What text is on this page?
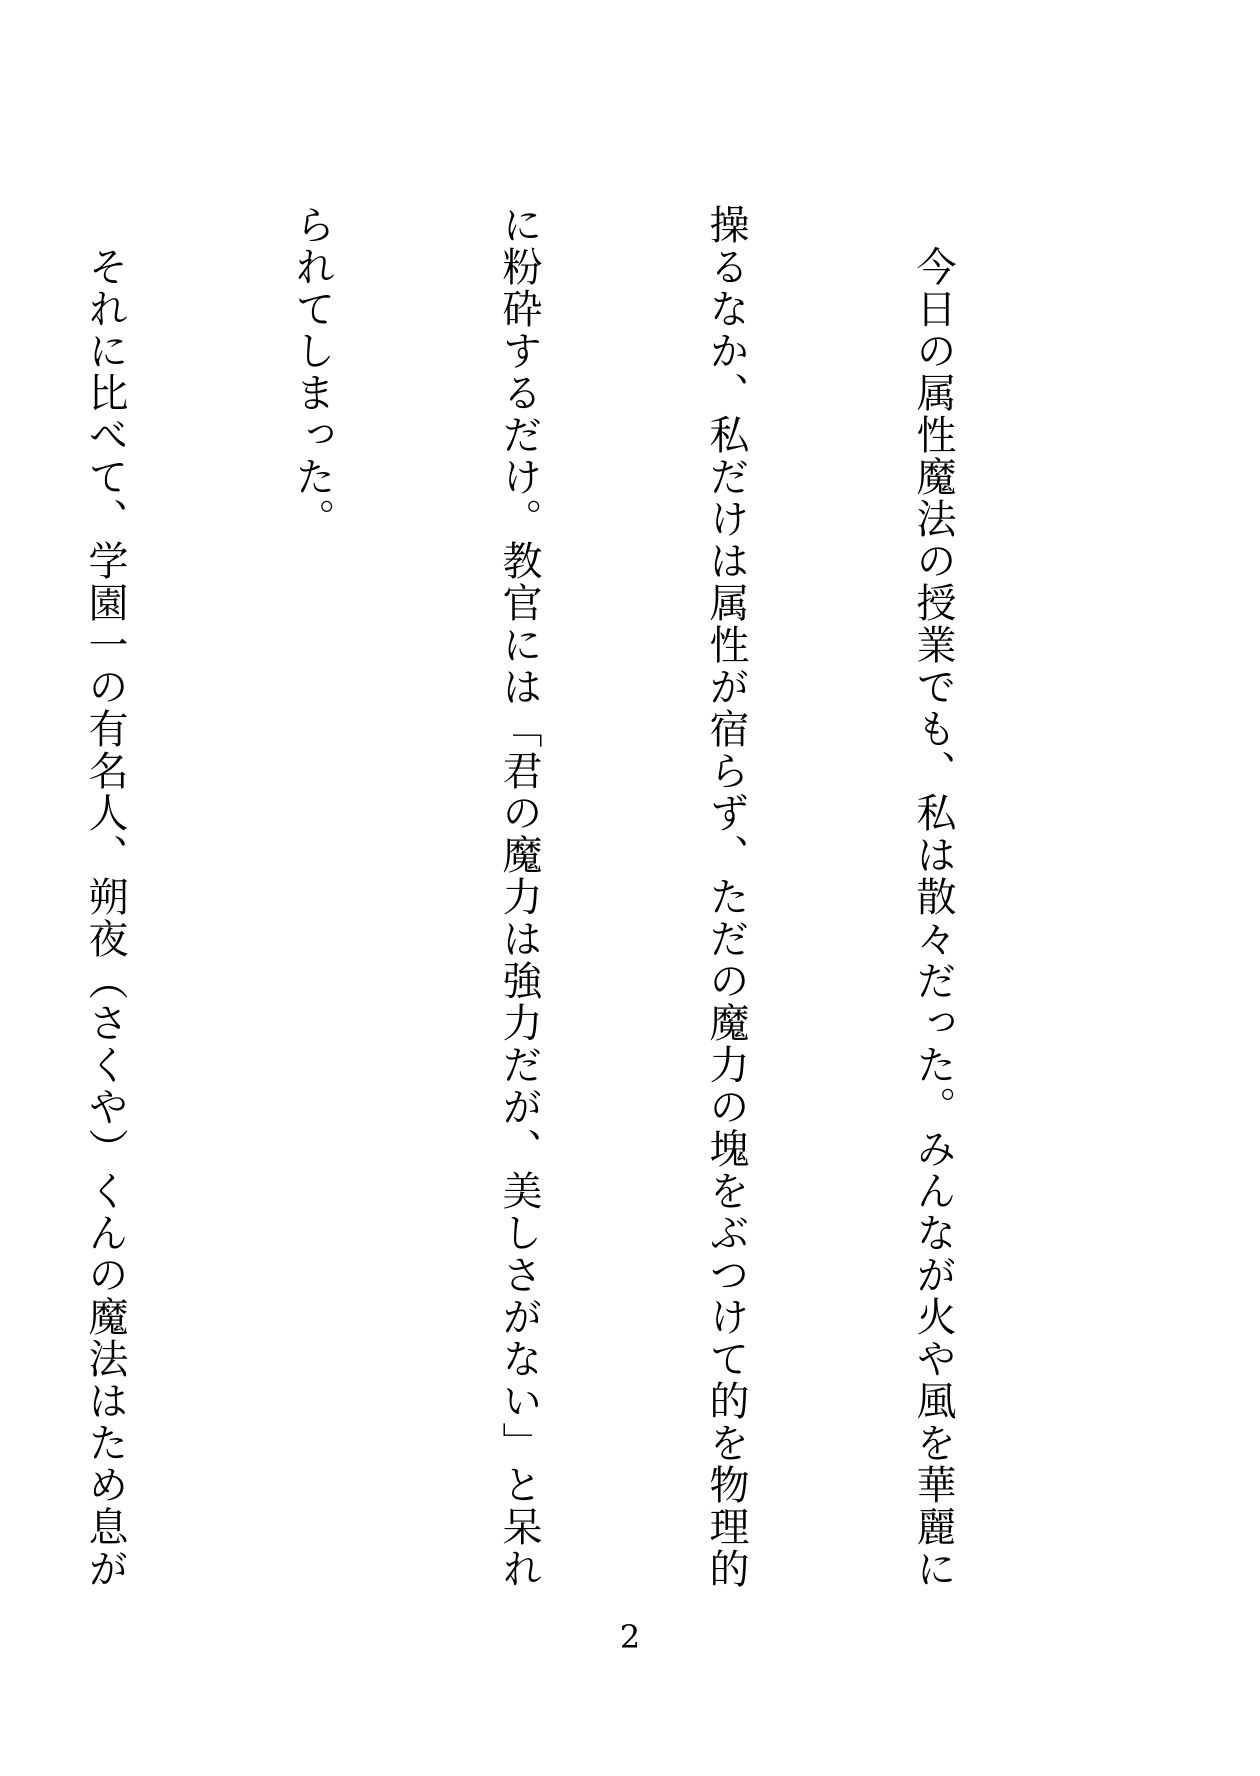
今日の属性魔法の授業でも、私は散々だった。みんなが火や風を華麗に

操るなか、私だけは属性が宿らず、ただの魔力の塊をぶつけて的を物理的

に粉砕するだけ。教官には「君の魔力は強力だが、美しさがない」と呆れ

られてしまった。

それに比べて、学園一の有名人、朔夜（さくや）くんの魔法はため息が

2
